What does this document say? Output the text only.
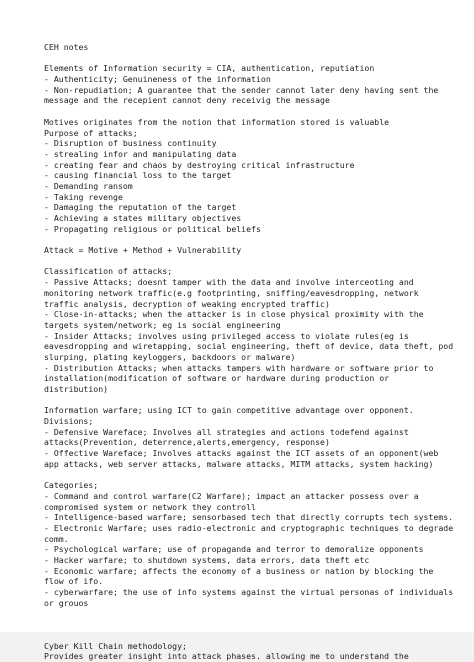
CEH notes
Elements of Information security = CIA, authentication, reputiation
- Authenticity; Genuineness of the information
- Non-repudiation; A guarantee that the sender cannot later deny having sent the
message and the recepient cannot deny receivig the message
Motives originates from the notion that information stored is valuable
Purpose of attacks;
- Disruption of business continuity
- strealing infor and manipulating data
- creating fear and chaos by destroying critical infrastructure
- causing financial loss to the target
- Demanding ransom
- Taking revenge
- Damaging the reputation of the target
- Achieving a states military objectives
- Propagating religious or political beliefs
Attack = Motive + Method + Vulnerability
Classification of attacks;
- Passive Attacks; doesnt tamper with the data and involve interceoting and
monitoring network traffic(e.g footprinting, sniffing/eavesdropping, network
traffic analysis, decryption of weaking encrypted traffic)
- Close-in-attacks; when the attacker is in close physical proximity with the
targets system/network; eg is social engineering
- Insider Attacks; involves using privileged access to violate rules(eg is
eavesdropping and wiretapping, social engineering, theft of device, data theft, pod
slurping, plating keyloggers, backdoors or malware)
- Distribution Attacks; when attacks tampers with hardware or software prior to
installation(modification of software or hardware during production or
distribution)
Information warfare; using ICT to gain competitive advantage over opponent.
Divisions;
- Defensive Wareface; Involves all strategies and actions todefend against
attacks(Prevention, deterrence,alerts,emergency, response)
- Offective Wareface; Involves attacks against the ICT assets of an opponent(web
app attacks, web server attacks, malware attacks, MITM attacks, system hacking)
Categories;
- Command and control warfare(C2 Warfare); impact an attacker possess over a
compromised system or network they controll
- Intelligence-based warfare; sensorbased tech that directly corrupts tech systems.
- Electronic Warfare; uses radio-electronic and cryptographic techniques to degrade
comm.
- Psychological warfare; use of propaganda and terror to demoralize opponents
- Hacker warfare; to shutdown systems, data errors, data theft etc
- Economic warfare; affects the economy of a business or nation by blocking the
flow of ifo.
- cyberwarfare; the use of info systems against the virtual personas of individuals
or grouos
Cyber Kill Chain methodology;
Provides greater insight into attack phases. allowing me to understand the
